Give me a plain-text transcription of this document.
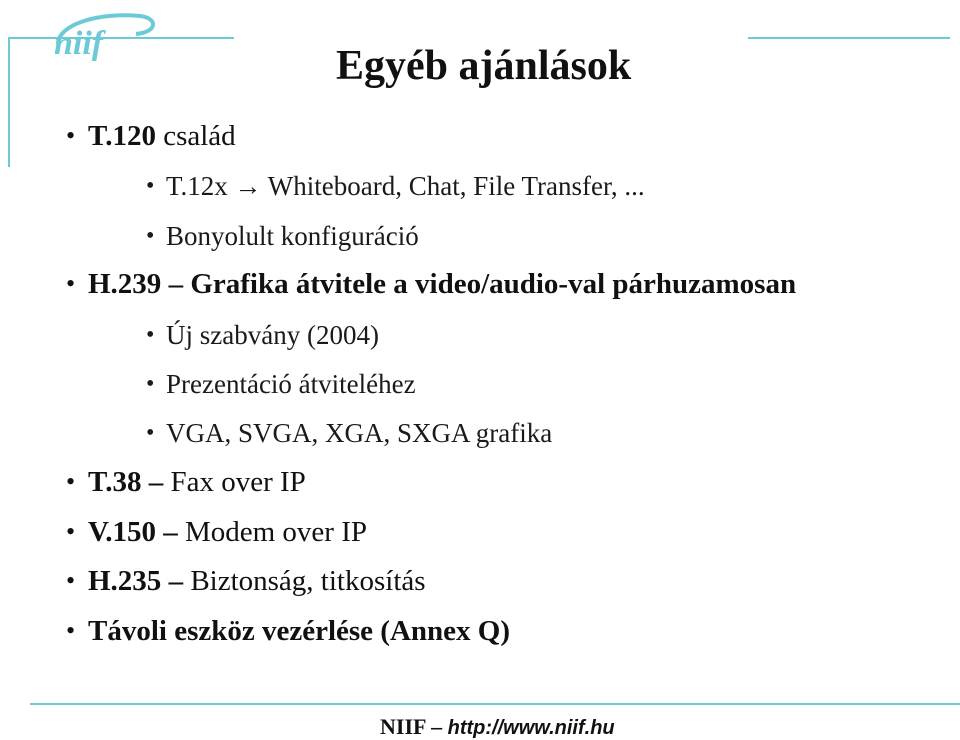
niif	Egyéb ajánlások
• T.120 család
• T.12x → Whiteboard, Chat, File Transfer, ...
• Bonyolult konfiguráció
• H.239 – Grafika átvitele a video/audio-val párhuzamosan
• Új szabvány (2004)
• Prezentáció átviteléhez
• VGA, SVGA, XGA, SXGA grafika
• T.38 – Fax over IP
• V.150 – Modem over IP
• H.235 – Biztonság, titkosítás
• Távoli eszköz vezérlése (Annex Q)
NIIF – http://www.niif.hu
